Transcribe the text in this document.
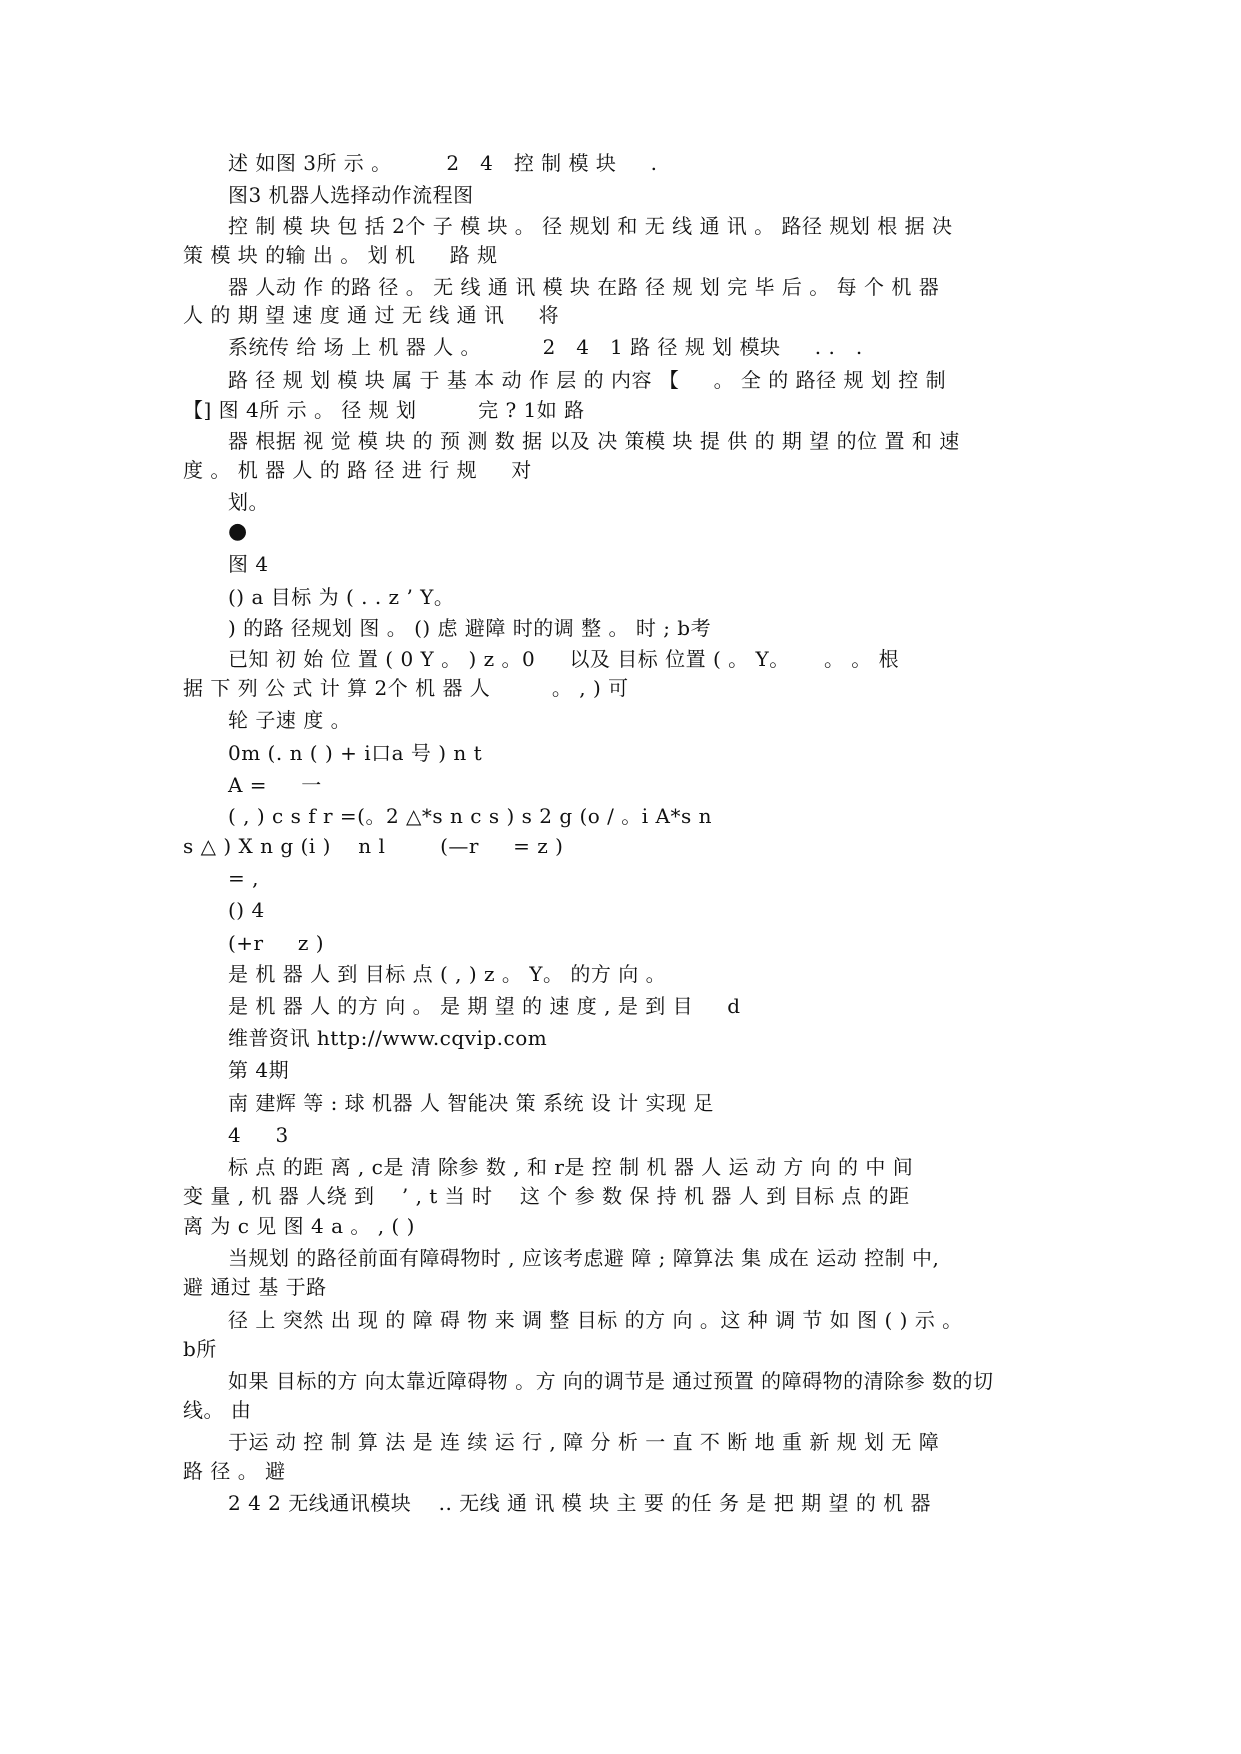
述 如图 3所 示 。 　 　2　4　控 制 模 块 　 .
图3 机器人选择动作流程图
控 制 模 块 包 括 2个 子 模 块 。 径 规划 和 无 线 通 讯 。 路径 规划 根 据 决
策 模 块 的输 出 。 划 机 　 路 规
器 人动 作 的路 径 。 无 线 通 讯 模 块 在路 径 规 划 完 毕 后 。 每 个 机 器
人 的 期 望 速 度 通 过 无 线 通 讯 　 将
系统传 给 场 上 机 器 人 。 　 　 2　4　1 路 径 规 划 模块 　 . .　.
路 径 规 划 模 块 属 于 基 本 动 作 层 的 内容 【 　 。 全 的 路径 规 划 控 制
【] 图 4所 示 。 径 规 划 　 　 完 ? 1如 路
器 根据 视 觉 模 块 的 预 测 数 据 以及 决 策模 块 提 供 的 期 望 的位 置 和 速
度 。 机 器 人 的 路 径 进 行 规 　 对
划。
●
图 4
() a 目标 为 ( . . z ’ Y。
) 的路 径规划 图 。 () 虑 避障 时的调 整 。 时 ; b考
已知 初 始 位 置 ( 0 Y 。 ) z 。0 　 以及 目标 位置 ( 。 Y。 　 。 。 根
据 下 列 公 式 计 算 2个 机 器 人 　 　 。 , ) 可
轮 子速 度 。
0m (. n ( ) + i口a 号 ) n t
A = 　 一
( , ) c s f r =(。2 △*s n c s ) s 2 g (o / 。i A*s n
s △ ) X n g (i ) 　n l 　 　(—r 　 = z )
= ,
() 4
(+r 　 z )
是 机 器 人 到 目标 点 ( , ) z 。 Y。 的方 向 。
是 机 器 人 的方 向 。 是 期 望 的 速 度 , 是 到 目 　 d
维普资讯 http://www.cqvip.com
第 4期
南 建辉 等 : 球 机器 人 智能决 策 系统 设 计 实现 足
4 　 3
标 点 的距 离 , c是 清 除参 数 , 和 r是 控 制 机 器 人 运 动 方 向 的 中 间
变 量 , 机 器 人绕 到 　’ , t 当 时 　这 个 参 数 保 持 机 器 人 到 目标 点 的距
离 为 c 见 图 4 a 。 , ( )
当规划 的路径前面有障碍物时 , 应该考虑避 障 ; 障算法 集 成在 运动 控制 中,
避 通过 基 于路
径 上 突然 出 现 的 障 碍 物 来 调 整 目标 的方 向 。这 种 调 节 如 图 ( ) 示 。
b所
如果 目标的方 向太靠近障碍物 。方 向的调节是 通过预置 的障碍物的清除参 数的切
线。 由
于运 动 控 制 算 法 是 连 续 运 行 , 障 分 析 一 直 不 断 地 重 新 规 划 无 障
路 径 。 避
2 4 2 无线通讯模块 　.. 无线 通 讯 模 块 主 要 的任 务 是 把 期 望 的 机 器
